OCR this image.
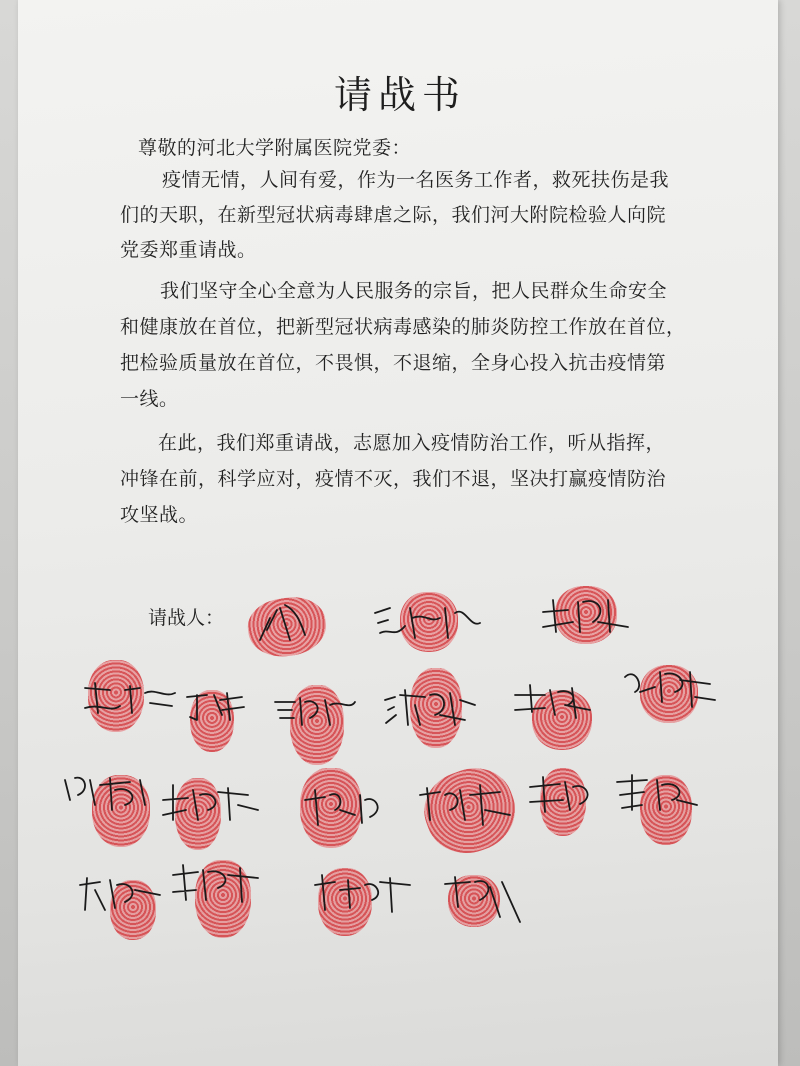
请战书
尊敬的河北大学附属医院党委：
疫情无情，人间有爱，作为一名医务工作者，救死扶伤是我
们的天职，在新型冠状病毒肆虐之际，我们河大附院检验人向院
党委郑重请战。
我们坚守全心全意为人民服务的宗旨，把人民群众生命安全
和健康放在首位，把新型冠状病毒感染的肺炎防控工作放在首位，
把检验质量放在首位，不畏惧，不退缩，全身心投入抗击疫情第
一线。
在此，我们郑重请战，志愿加入疫情防治工作，听从指挥，
冲锋在前，科学应对，疫情不灭，我们不退，坚决打赢疫情防治
攻坚战。
请战人：
